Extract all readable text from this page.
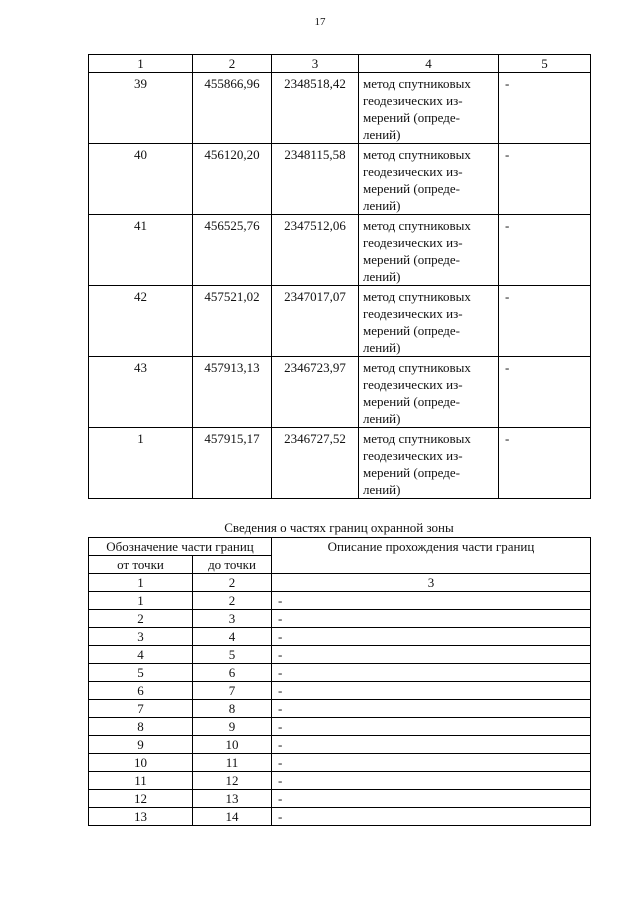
17
1	2	3	4	5
39	455866,96	2348518,42	метод спутниковых геодезических из-мерений (опреде-лений)	-
40	456120,20	2348115,58	метод спутниковых геодезических из-мерений (опреде-лений)	-
41	456525,76	2347512,06	метод спутниковых геодезических из-мерений (опреде-лений)	-
42	457521,02	2347017,07	метод спутниковых геодезических из-мерений (опреде-лений)	-
43	457913,13	2346723,97	метод спутниковых геодезических из-мерений (опреде-лений)	-
1	457915,17	2346727,52	метод спутниковых геодезических из-мерений (опреде-лений)	-
Сведения о частях границ охранной зоны
Обозначение части границ		Описание прохождения части границ
от точки	до точки	
1	2	3
1	2	-
2	3	-
3	4	-
4	5	-
5	6	-
6	7	-
7	8	-
8	9	-
9	10	-
10	11	-
11	12	-
12	13	-
13	14	-
